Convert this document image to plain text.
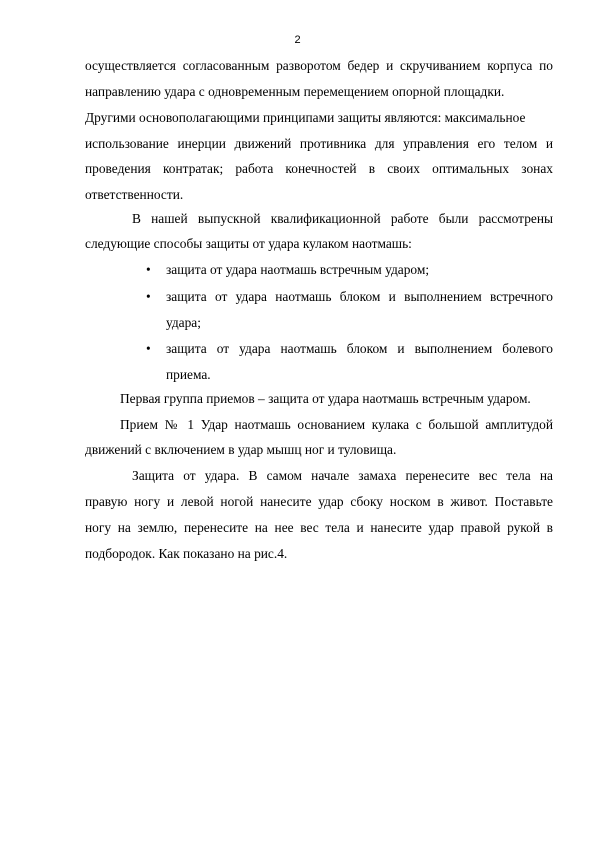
2
осуществляется согласованным разворотом бедер и скручиванием корпуса по
направлению удара с одновременным перемещением опорной площадки.
Другими основополагающими принципами защиты являются: максимальное
использование инерции движений противника для управления его телом и
проведения контратак; работа конечностей в своих оптимальных зонах
ответственности.
В нашей выпускной квалификационной работе были рассмотрены
следующие способы защиты от удара кулаком наотмашь:
• защита от удара наотмашь встречным ударом;
• защита от удара наотмашь блоком и выполнением встречного
удара;
• защита от удара наотмашь блоком и выполнением болевого
приема.
Первая группа приемов – защита от удара наотмашь встречным ударом.
Прием № 1 Удар наотмашь основанием кулака с большой амплитудой
движений с включением в удар мышц ног и туловища.
Защита от удара. В самом начале замаха перенесите вес тела на
правую ногу и левой ногой нанесите удар сбоку носком в живот. Поставьте
ногу на землю, перенесите на нее вес тела и нанесите удар правой рукой в
подбородок. Как показано на рис.4.
